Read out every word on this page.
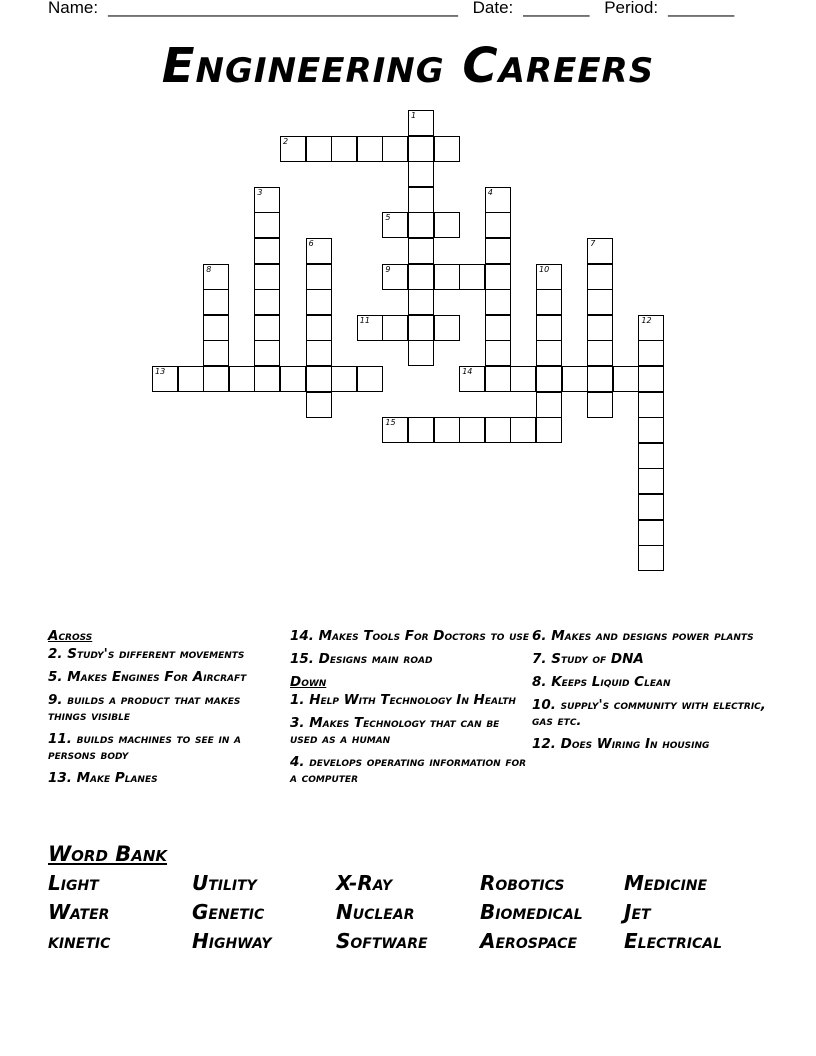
Name: _____________________________________ Date: _______ Period: _______
Engineering Careers
1
2
3	4
5
6	7
8	9	10
11	12
13	14
15
Across
2. Study's different movements
5. Makes Engines For Aircraft
9. builds a product that makes things visible
11. builds machines to see in a persons body
13. Make Planes
14. Makes Tools For Doctors to use
15. Designs main road
Down
1. Help With Technology In Health
3. Makes Technology that can be used as a human
4. develops operating information for a computer
6. Makes and designs power plants
7. Study of DNA
8. Keeps Liquid Clean
10. supply's community with electric, gas etc.
12. Does Wiring In housing
Word Bank
Light	Utility	X-Ray	Robotics	Medicine
Water	Genetic	Nuclear	Biomedical	Jet
kinetic	Highway	Software	Aerospace	Electrical
